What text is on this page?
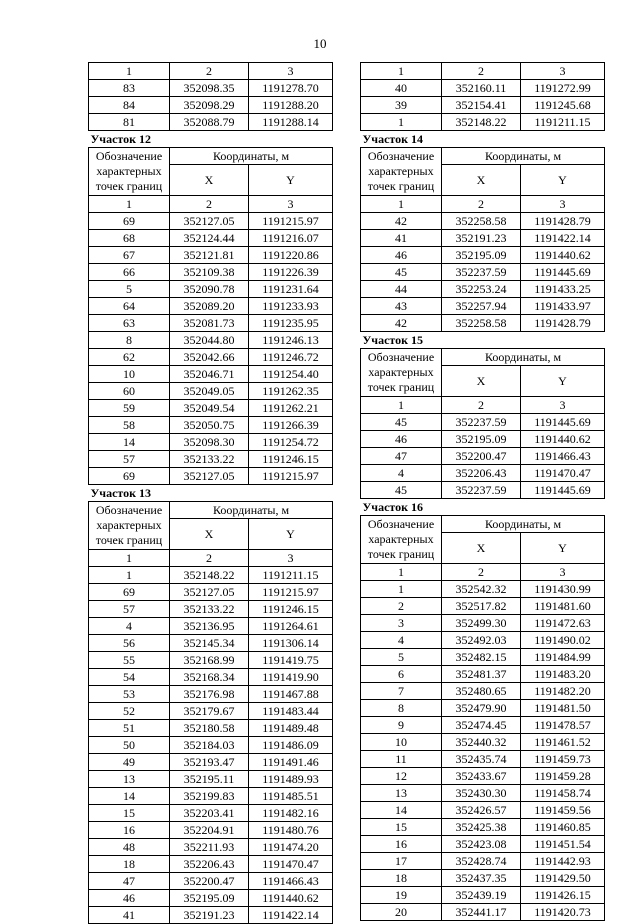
10
1	2	3
83	352098.35	1191278.70
84	352098.29	1191288.20
81	352088.79	1191288.14
Участок 12		
Обозначение характерных точек границ	Координаты, м	
	X	Y
1	2	3
69	352127.05	1191215.97
68	352124.44	1191216.07
67	352121.81	1191220.86
66	352109.38	1191226.39
5	352090.78	1191231.64
64	352089.20	1191233.93
63	352081.73	1191235.95
8	352044.80	1191246.13
62	352042.66	1191246.72
10	352046.71	1191254.40
60	352049.05	1191262.35
59	352049.54	1191262.21
58	352050.75	1191266.39
14	352098.30	1191254.72
57	352133.22	1191246.15
69	352127.05	1191215.97
Участок 13		
Обозначение характерных точек границ	Координаты, м	
	X	Y
1	2	3
1	352148.22	1191211.15
69	352127.05	1191215.97
57	352133.22	1191246.15
4	352136.95	1191264.61
56	352145.34	1191306.14
55	352168.99	1191419.75
54	352168.34	1191419.90
53	352176.98	1191467.88
52	352179.67	1191483.44
51	352180.58	1191489.48
50	352184.03	1191486.09
49	352193.47	1191491.46
13	352195.11	1191489.93
14	352199.83	1191485.51
15	352203.41	1191482.16
16	352204.91	1191480.76
48	352211.93	1191474.20
18	352206.43	1191470.47
47	352200.47	1191466.43
46	352195.09	1191440.62
41	352191.23	1191422.14
1	2	3
40	352160.11	1191272.99
39	352154.41	1191245.68
1	352148.22	1191211.15
Участок 14		
Обозначение характерных точек границ	Координаты, м	
	X	Y
1	2	3
42	352258.58	1191428.79
41	352191.23	1191422.14
46	352195.09	1191440.62
45	352237.59	1191445.69
44	352253.24	1191433.25
43	352257.94	1191433.97
42	352258.58	1191428.79
Участок 15		
Обозначение характерных точек границ	Координаты, м	
	X	Y
1	2	3
45	352237.59	1191445.69
46	352195.09	1191440.62
47	352200.47	1191466.43
4	352206.43	1191470.47
45	352237.59	1191445.69
Участок 16		
Обозначение характерных точек границ	Координаты, м	
	X	Y
1	2	3
1	352542.32	1191430.99
2	352517.82	1191481.60
3	352499.30	1191472.63
4	352492.03	1191490.02
5	352482.15	1191484.99
6	352481.37	1191483.20
7	352480.65	1191482.20
8	352479.90	1191481.50
9	352474.45	1191478.57
10	352440.32	1191461.52
11	352435.74	1191459.73
12	352433.67	1191459.28
13	352430.30	1191458.74
14	352426.57	1191459.56
15	352425.38	1191460.85
16	352423.08	1191451.54
17	352428.74	1191442.93
18	352437.35	1191429.50
19	352439.19	1191426.15
20	352441.17	1191420.73
